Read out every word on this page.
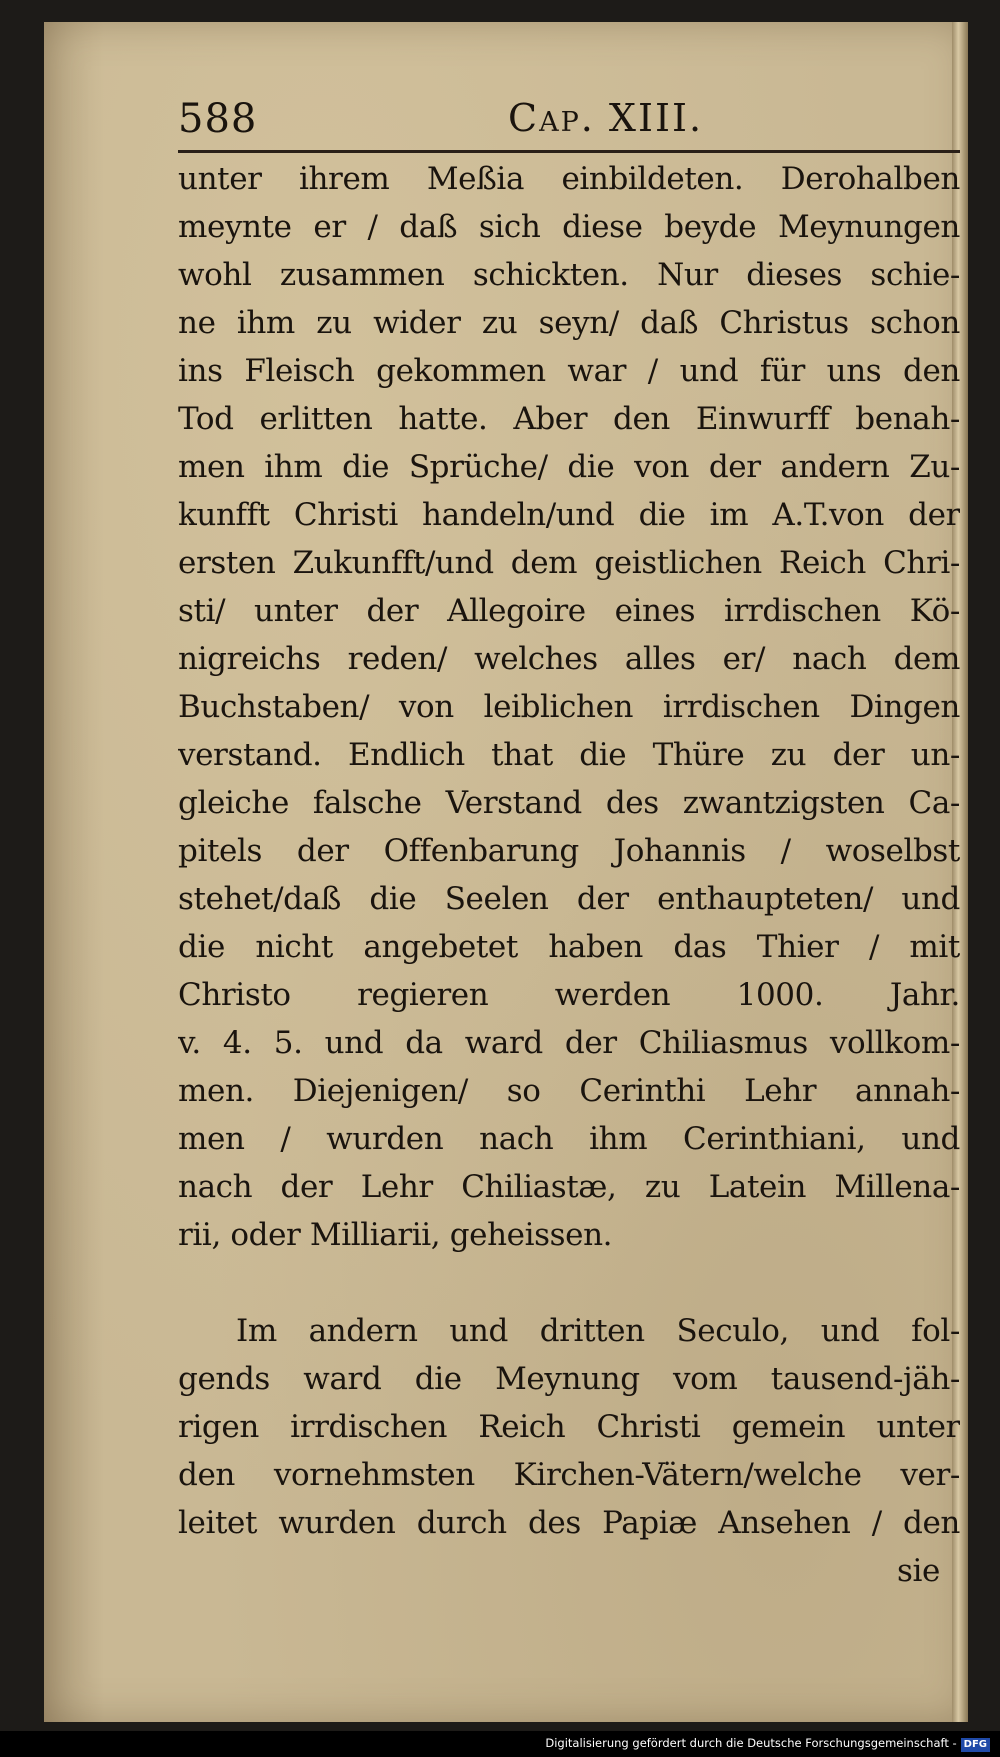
588	Cap. XIII.
unter ihrem Meßia einbildeten. Derohalben
meynte er / daß sich diese beyde Meynungen
wohl zusammen schickten. Nur dieses schie-
ne ihm zu wider zu seyn/ daß Christus schon
ins Fleisch gekommen war / und für uns den
Tod erlitten hatte. Aber den Einwurff benah-
men ihm die Sprüche/ die von der andern Zu-
kunfft Christi handeln/und die im A.T.von der
ersten Zukunfft/und dem geistlichen Reich Chri-
sti/ unter der Allegoire eines irrdischen Kö-
nigreichs reden/ welches alles er/ nach dem
Buchstaben/ von leiblichen irrdischen Dingen
verstand. Endlich that die Thüre zu der un-
gleiche falsche Verstand des zwantzigsten Ca-
pitels der Offenbarung Johannis / woselbst
stehet/daß die Seelen der enthaupteten/ und
die nicht angebetet haben das Thier / mit
Christo regieren werden 1000. Jahr.
v. 4. 5. und da ward der Chiliasmus vollkom-
men. Diejenigen/ so Cerinthi Lehr annah-
men / wurden nach ihm Cerinthiani, und
nach der Lehr Chiliastæ, zu Latein Millena-
rii, oder Milliarii, geheissen.
Im andern und dritten Seculo, und fol-
gends ward die Meynung vom tausend-jäh-
rigen irrdischen Reich Christi gemein unter
den vornehmsten Kirchen-Vätern/welche ver-
leitet wurden durch des Papiæ Ansehen / den
sie
Digitalisierung gefördert durch die Deutsche Forschungsgemeinschaft - DFG
